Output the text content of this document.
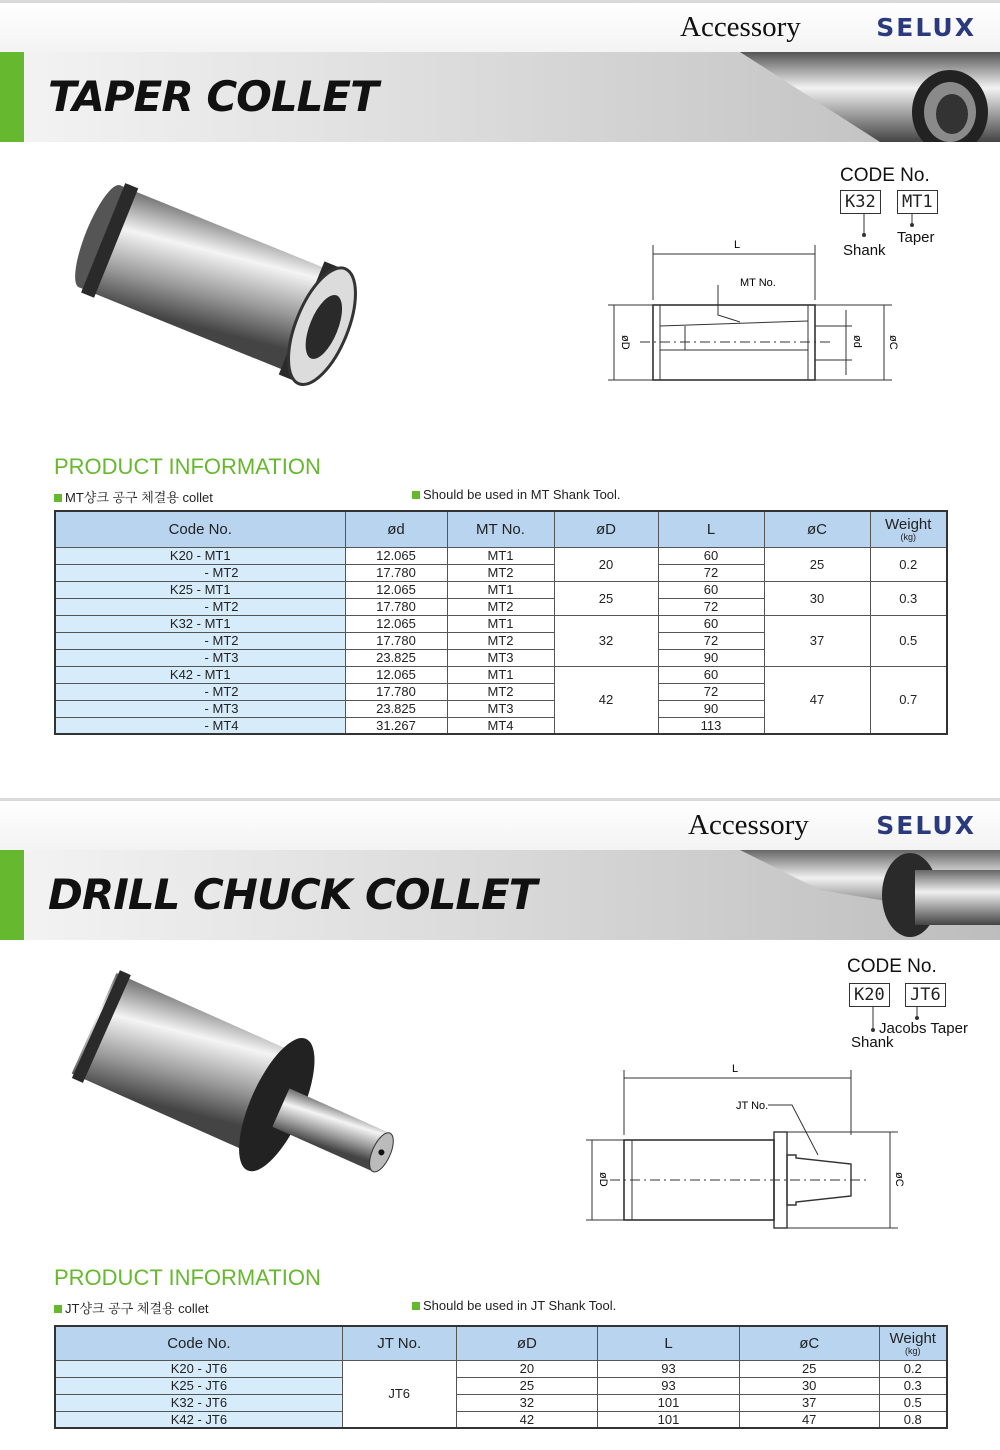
Accessory	SELUX
TAPER COLLET
CODE No.
K32 MT1
Shank
Taper
L
MT No.
øD	ød øC
PRODUCT INFORMATION
MT샹크 공구 체결용 collet	Should be used in MT Shank Tool.
Code No.	ød	MT No.	øD	L	øC	Weight
(kg)

K20 - MT1	12.065	MT1	20	60	25	0.2
- MT2	17.780	MT2		72		
K25 - MT1	12.065	MT1	25	60	30	0.3
- MT2	17.780	MT2		72		
K32 - MT1	12.065	MT1	32	60	37	0.5
- MT2	17.780	MT2		72		
- MT3	23.825	MT3		90		
K42 - MT1	12.065	MT1	42	60	47	0.7
- MT2	17.780	MT2		72		
- MT3	23.825	MT3		90		
- MT4	31.267	MT4		113		
Accessory	SELUX
DRILL CHUCK COLLET
CODE No.
K20 JT6
Shank
Jacobs Taper
L
JT No.
øD	øC
PRODUCT INFORMATION
JT샹크 공구 체결용 collet	Should be used in JT Shank Tool.
Code No.	JT No.	øD	L	øC	Weight
(kg)

K20 - JT6	JT6	20	93	25	0.2
K25 - JT6		25	93	30	0.3
K32 - JT6		32	101	37	0.5
K42 - JT6		42	101	47	0.8
